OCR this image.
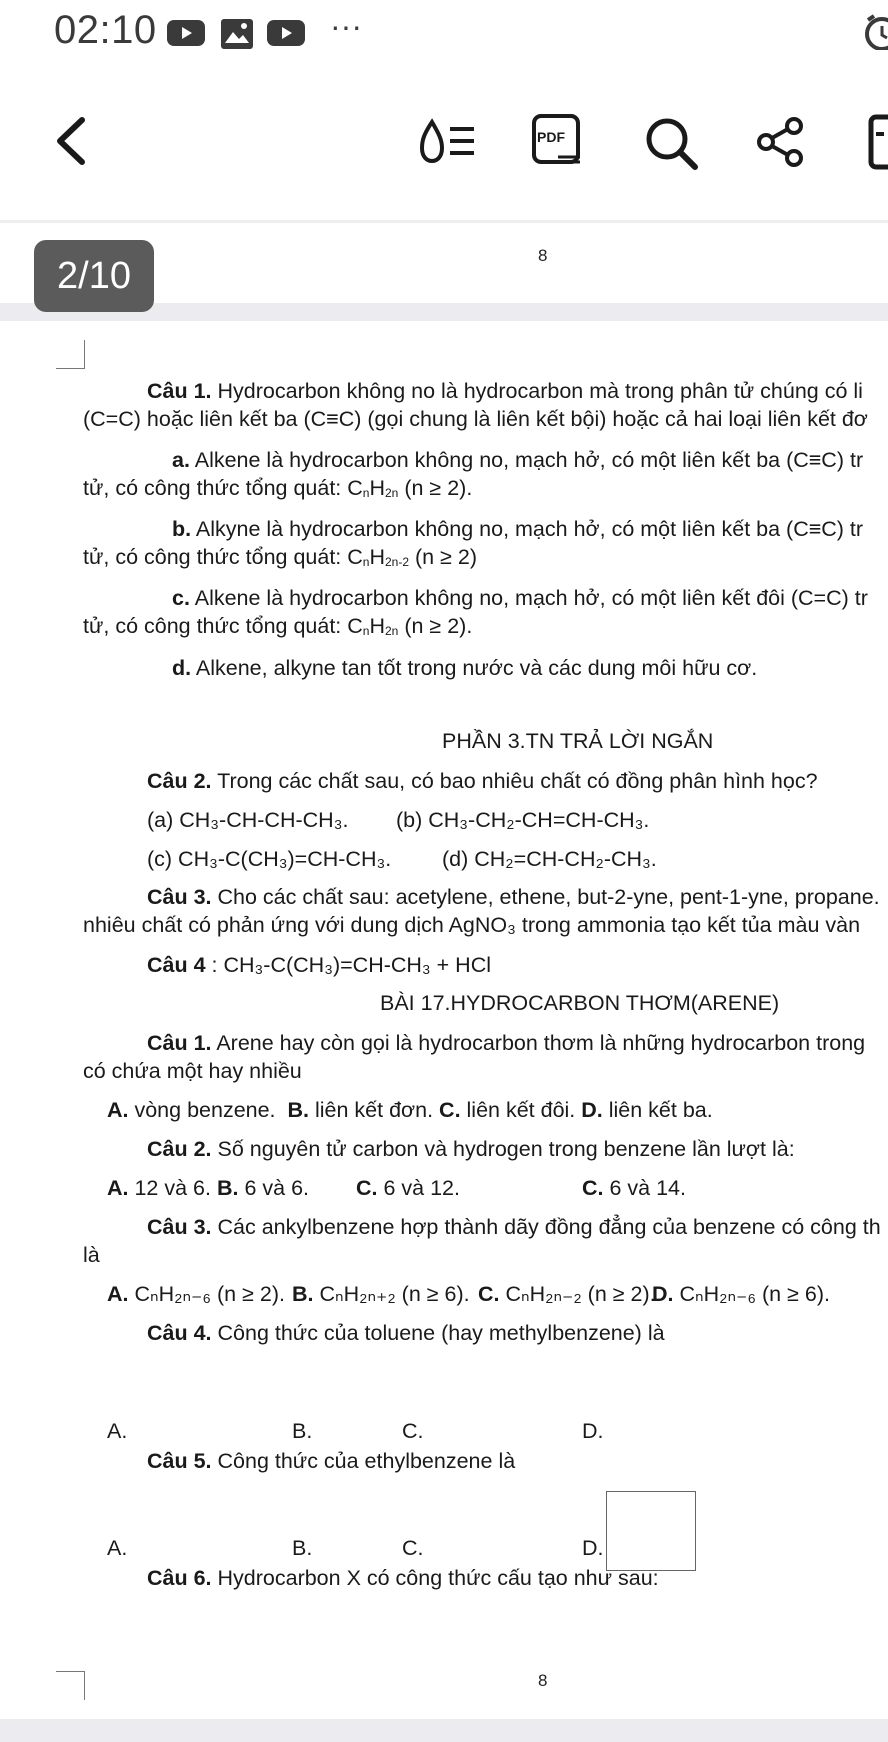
02:10	···
PDF
8
Câu 1. Hydrocarbon không no là hydrocarbon mà trong phân tử chúng có li
(C=C) hoặc liên kết ba (C≡C) (gọi chung là liên kết bội) hoặc cả hai loại liên kết đơ
a. Alkene là hydrocarbon không no, mạch hở, có một liên kết ba (C≡C) tr
tử, có công thức tổng quát: $C_nH_{2n}$ (n ≥ 2).
b. Alkyne là hydrocarbon không no, mạch hở, có một liên kết ba (C≡C) tr
tử, có công thức tổng quát: $C_nH_{2n-2}$ (n ≥ 2)
c. Alkene là hydrocarbon không no, mạch hở, có một liên kết đôi (C=C) tr
tử, có công thức tổng quát: $C_nH_{2n}$ (n ≥ 2).
d. Alkene, alkyne tan tốt trong nước và các dung môi hữu cơ.
PHẦN 3.TN TRẢ LỜI NGẮN
Câu 2. Trong các chất sau, có bao nhiêu chất có đồng phân hình học?
(a) CH₃-CH-CH-CH₃. (b) CH₃-CH₂-CH=CH-CH₃.
(c) CH₃-C(CH₃)=CH-CH₃. (d) CH₂=CH-CH₂-CH₃.
Câu 3. Cho các chất sau: acetylene, ethene, but-2-yne, pent-1-yne, propane.
nhiêu chất có phản ứng với dung dịch AgNO₃ trong ammonia tạo kết tủa màu vàn
Câu 4 : CH₃-C(CH₃)=CH-CH₃ + HCl
BÀI 17.HYDROCARBON THƠM(ARENE)
Câu 1. Arene hay còn gọi là hydrocarbon thơm là những hydrocarbon trong
có chứa một hay nhiều
A. vòng benzene. B. liên kết đơn. C. liên kết đôi. D. liên kết ba.
Câu 2. Số nguyên tử carbon và hydrogen trong benzene lần lượt là:
A. 12 và 6. B. 6 và 6. C. 6 và 12.	C. 6 và 14.
Câu 3. Các ankylbenzene hợp thành dãy đồng đẳng của benzene có công th
là
A. CₙH₂ₙ₋₆ (n ≥ 2). B. CₙH₂ₙ₊₂ (n ≥ 6). C. CₙH₂ₙ₋₂ (n ≥ 2).
D. CₙH₂ₙ₋₆ (n ≥ 6).
Câu 4. Công thức của toluene (hay methylbenzene) là
A.	B.	C.	D.
Câu 5. Công thức của ethylbenzene là
A.	B.	C.	D.
Câu 6. Hydrocarbon X có công thức cấu tạo như sau:
8
2/10
